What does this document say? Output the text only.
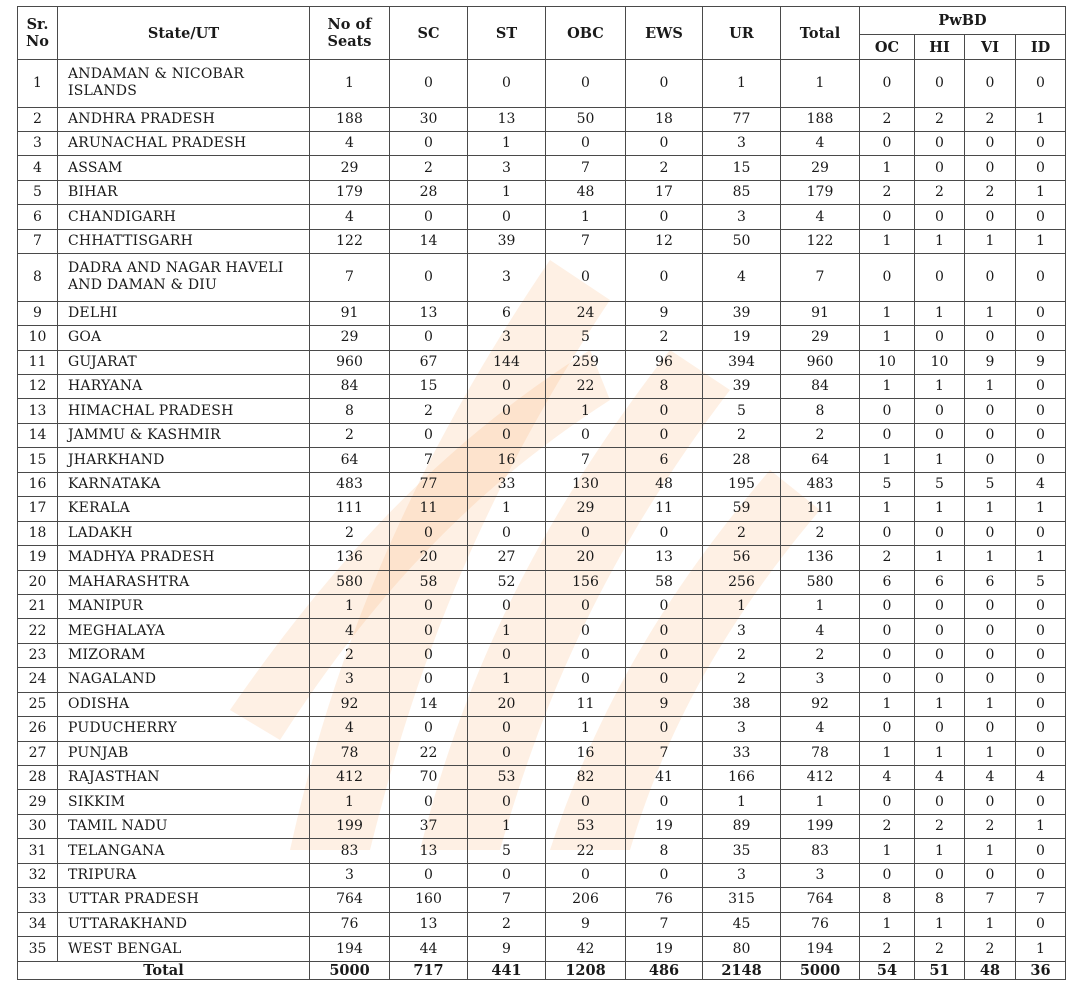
Sr. No	State/UT	No of Seats	SC	ST	OBC	EWS	UR	Total	PwBD			
									OC	HI	VI	ID
1	ANDAMAN & NICOBAR ISLANDS	1	0	0	0	0	1	1	0	0	0	0
2	ANDHRA PRADESH	188	30	13	50	18	77	188	2	2	2	1
3	ARUNACHAL PRADESH	4	0	1	0	0	3	4	0	0	0	0
4	ASSAM	29	2	3	7	2	15	29	1	0	0	0
5	BIHAR	179	28	1	48	17	85	179	2	2	2	1
6	CHANDIGARH	4	0	0	1	0	3	4	0	0	0	0
7	CHHATTISGARH	122	14	39	7	12	50	122	1	1	1	1
8	DADRA AND NAGAR HAVELI AND DAMAN & DIU	7	0	3	0	0	4	7	0	0	0	0
9	DELHI	91	13	6	24	9	39	91	1	1	1	0
10	GOA	29	0	3	5	2	19	29	1	0	0	0
11	GUJARAT	960	67	144	259	96	394	960	10	10	9	9
12	HARYANA	84	15	0	22	8	39	84	1	1	1	0
13	HIMACHAL PRADESH	8	2	0	1	0	5	8	0	0	0	0
14	JAMMU & KASHMIR	2	0	0	0	0	2	2	0	0	0	0
15	JHARKHAND	64	7	16	7	6	28	64	1	1	0	0
16	KARNATAKA	483	77	33	130	48	195	483	5	5	5	4
17	KERALA	111	11	1	29	11	59	111	1	1	1	1
18	LADAKH	2	0	0	0	0	2	2	0	0	0	0
19	MADHYA PRADESH	136	20	27	20	13	56	136	2	1	1	1
20	MAHARASHTRA	580	58	52	156	58	256	580	6	6	6	5
21	MANIPUR	1	0	0	0	0	1	1	0	0	0	0
22	MEGHALAYA	4	0	1	0	0	3	4	0	0	0	0
23	MIZORAM	2	0	0	0	0	2	2	0	0	0	0
24	NAGALAND	3	0	1	0	0	2	3	0	0	0	0
25	ODISHA	92	14	20	11	9	38	92	1	1	1	0
26	PUDUCHERRY	4	0	0	1	0	3	4	0	0	0	0
27	PUNJAB	78	22	0	16	7	33	78	1	1	1	0
28	RAJASTHAN	412	70	53	82	41	166	412	4	4	4	4
29	SIKKIM	1	0	0	0	0	1	1	0	0	0	0
30	TAMIL NADU	199	37	1	53	19	89	199	2	2	2	1
31	TELANGANA	83	13	5	22	8	35	83	1	1	1	0
32	TRIPURA	3	0	0	0	0	3	3	0	0	0	0
33	UTTAR PRADESH	764	160	7	206	76	315	764	8	8	7	7
34	UTTARAKHAND	76	13	2	9	7	45	76	1	1	1	0
35	WEST BENGAL	194	44	9	42	19	80	194	2	2	2	1
Total		5000	717	441	1208	486	2148	5000	54	51	48	36
